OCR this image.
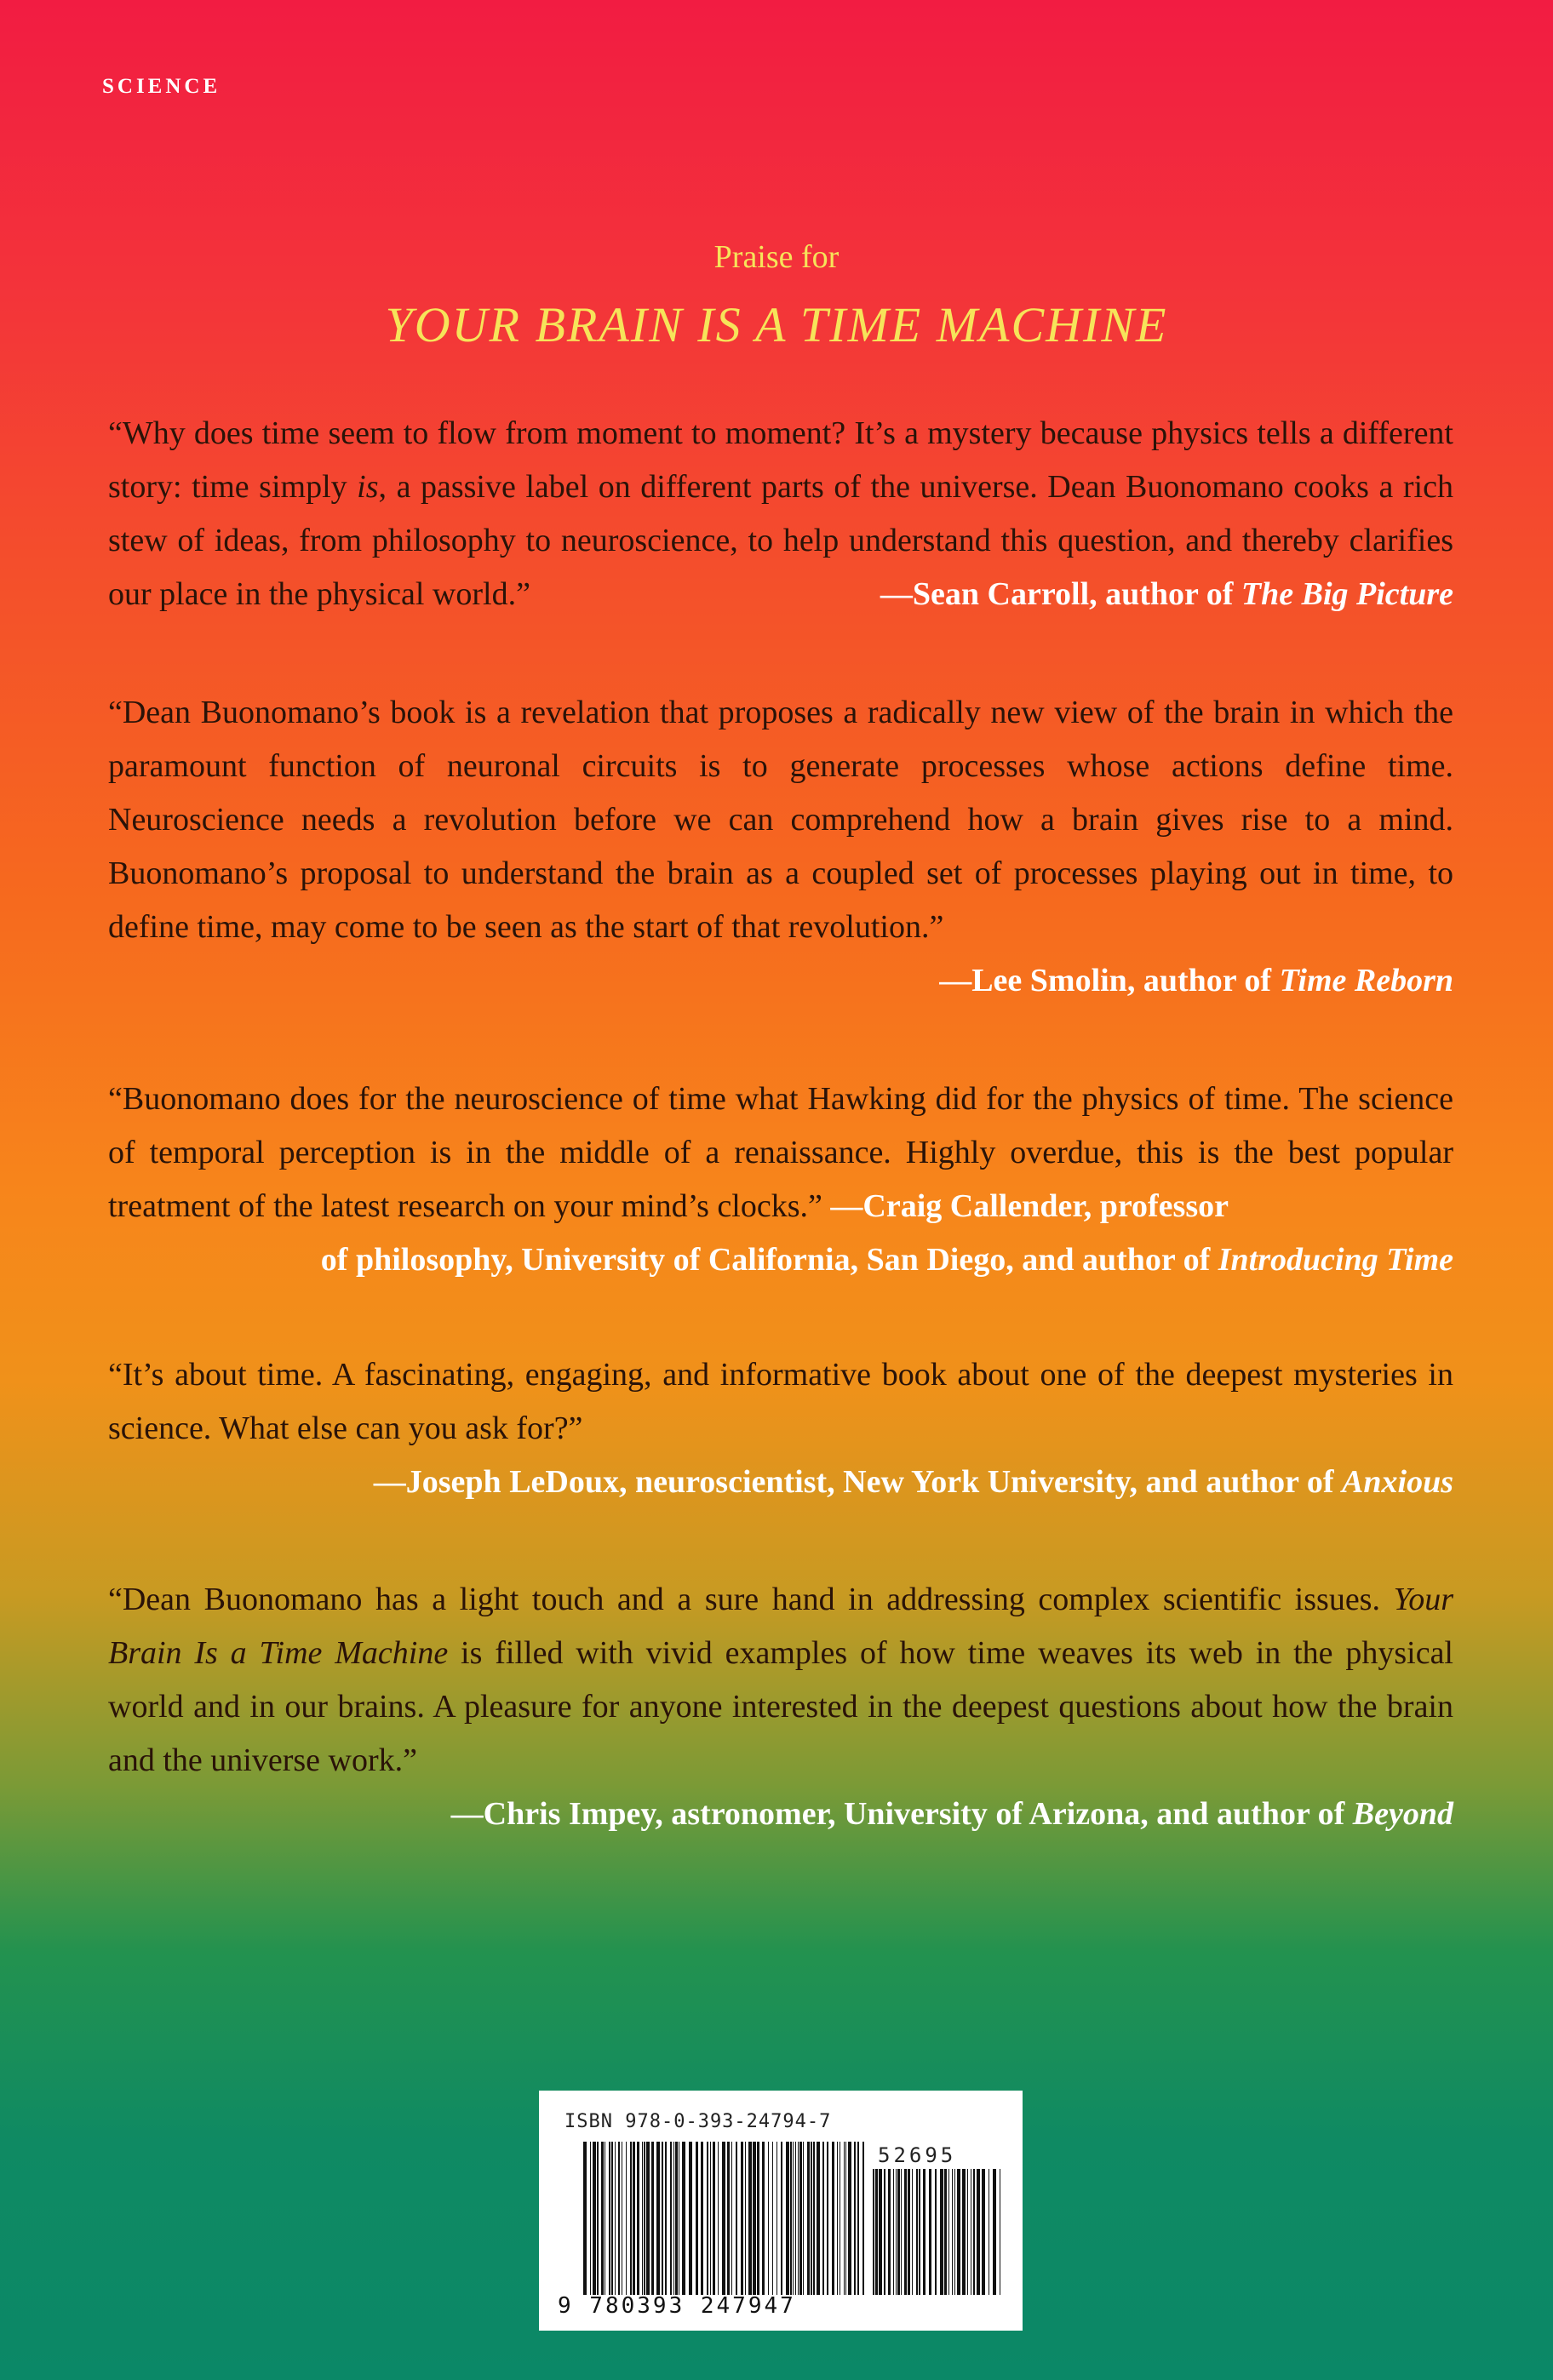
SCIENCE
Praise for
YOUR BRAIN IS A TIME MACHINE

“Why does time seem to flow from moment to moment? It’s a mystery because physics tells a different story: time simply is, a passive label on different parts of the universe. Dean Buonomano cooks a rich stew of ideas, from philosophy to neuroscience, to help understand this question, and thereby clarifies our place in the physical world.”	—Sean Carroll, author of The Big Picture

“Dean Buonomano’s book is a revelation that proposes a radically new view of the brain in which the paramount function of neuronal circuits is to generate processes whose actions define time. Neuroscience needs a revolution before we can comprehend how a brain gives rise to a mind. Buonomano’s proposal to understand the brain as a coupled set of processes playing out in time, to define time, may come to be seen as the start of that revolution.”

—Lee Smolin, author of Time Reborn

“Buonomano does for the neuroscience of time what Hawking did for the physics of time. The science of temporal perception is in the middle of a renaissance. Highly overdue, this is the best popular treatment of the latest research on your mind’s clocks.” —Craig Callender, professor

of philosophy, University of California, San Diego, and author of Introducing Time

“It’s about time. A fascinating, engaging, and informative book about one of the deepest mysteries in science. What else can you ask for?”

—Joseph LeDoux, neuroscientist, New York University, and author of Anxious

“Dean Buonomano has a light touch and a sure hand in addressing complex scientific issues. Your Brain Is a Time Machine is filled with vivid examples of how time weaves its web in the physical world and in our brains. A pleasure for anyone interested in the deepest questions about how the brain and the universe work.”

—Chris Impey, astronomer, University of Arizona, and author of Beyond
ISBN 978-0-393-24794-7
52695
9 780393 247947
